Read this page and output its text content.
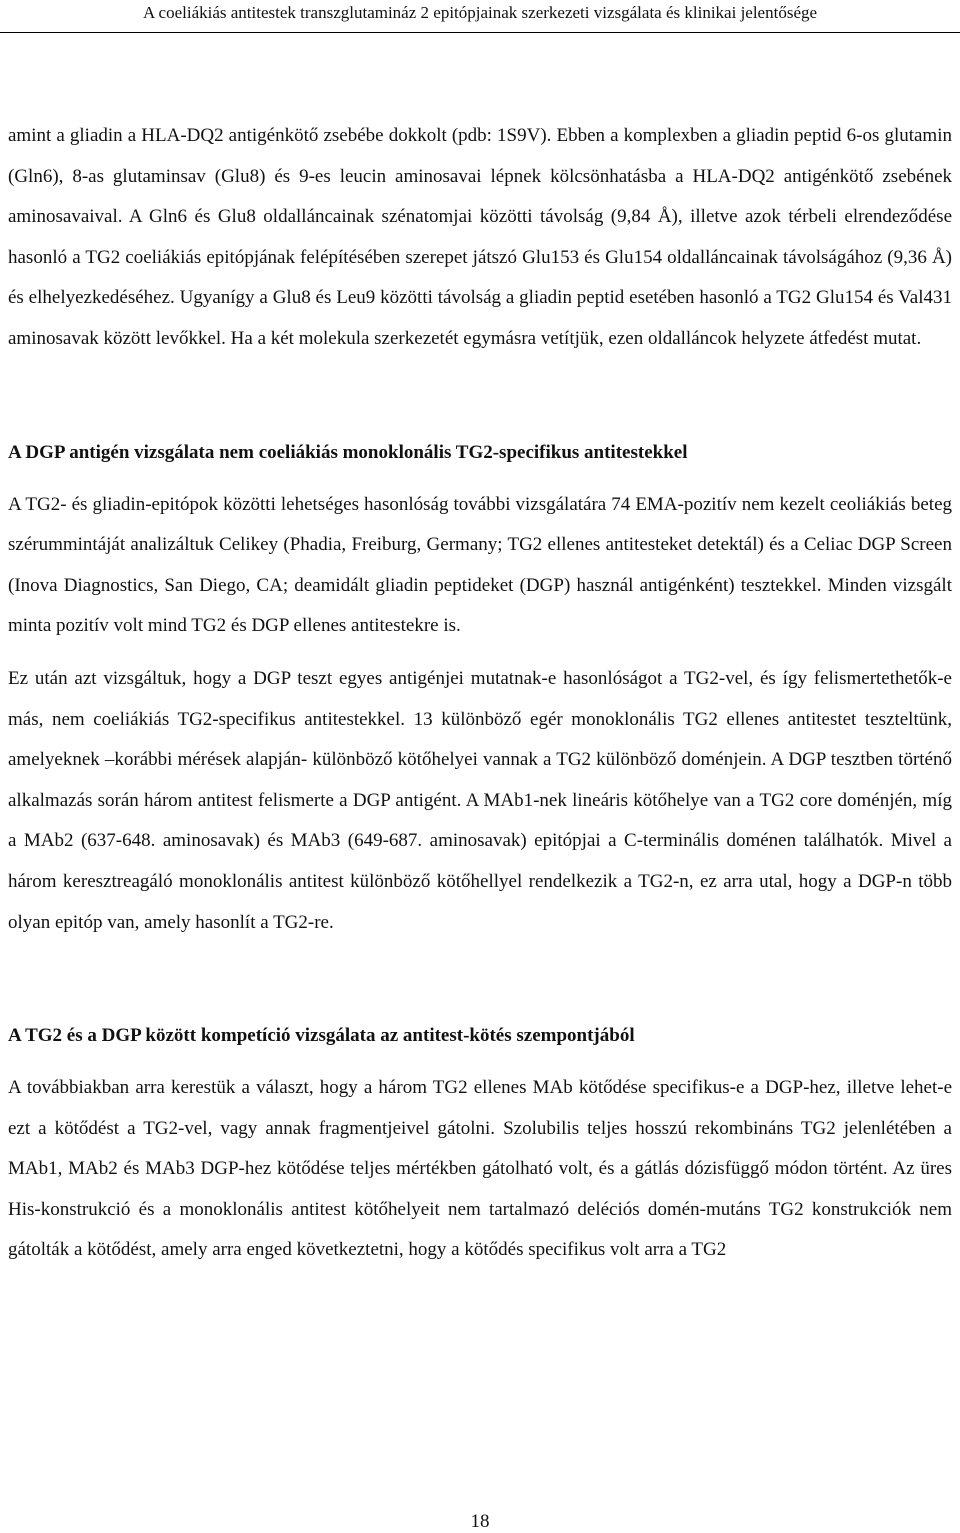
A coeliákiás antitestek transzglutamináz 2 epitópjainak szerkezeti vizsgálata és klinikai jelentősége

amint a gliadin a HLA-DQ2 antigénkötő zsebébe dokkolt (pdb: 1S9V). Ebben a komplexben a gliadin peptid 6-os glutamin (Gln6), 8-as glutaminsav (Glu8) és 9-es leucin aminosavai lépnek kölcsönhatásba a HLA-DQ2 antigénkötő zsebének aminosavaival. A Gln6 és Glu8 oldalláncainak szénatomjai közötti távolság (9,84 Å), illetve azok térbeli elrendeződése hasonló a TG2 coeliákiás epitópjának felépítésében szerepet játszó Glu153 és Glu154 oldalláncainak távolságához (9,36 Å) és elhelyezkedéséhez. Ugyanígy a Glu8 és Leu9 közötti távolság a gliadin peptid esetében hasonló a TG2 Glu154 és Val431 aminosavak között levőkkel. Ha a két molekula szerkezetét egymásra vetítjük, ezen oldalláncok helyzete átfedést mutat.

A DGP antigén vizsgálata nem coeliákiás monoklonális TG2-specifikus antitestekkel

A TG2- és gliadin-epitópok közötti lehetséges hasonlóság további vizsgálatára 74 EMA-pozitív nem kezelt ceoliákiás beteg szérummintáját analizáltuk Celikey (Phadia, Freiburg, Germany; TG2 ellenes antitesteket detektál) és a Celiac DGP Screen (Inova Diagnostics, San Diego, CA; deamidált gliadin peptideket (DGP) használ antigénként) tesztekkel. Minden vizsgált minta pozitív volt mind TG2 és DGP ellenes antitestekre is.

Ez után azt vizsgáltuk, hogy a DGP teszt egyes antigénjei mutatnak-e hasonlóságot a TG2-vel, és így felismertethetők-e más, nem coeliákiás TG2-specifikus antitestekkel. 13 különböző egér monoklonális TG2 ellenes antitestet teszteltünk, amelyeknek –korábbi mérések alapján- különböző kötőhelyei vannak a TG2 különböző doménjein. A DGP tesztben történő alkalmazás során három antitest felismerte a DGP antigént. A MAb1-nek lineáris kötőhelye van a TG2 core doménjén, míg a MAb2 (637-648. aminosavak) és MAb3 (649-687. aminosavak) epitópjai a C-terminális doménen találhatók. Mivel a három keresztreagáló monoklonális antitest különböző kötőhellyel rendelkezik a TG2-n, ez arra utal, hogy a DGP-n több olyan epitóp van, amely hasonlít a TG2-re.

A TG2 és a DGP között kompetíció vizsgálata az antitest-kötés szempontjából

A továbbiakban arra kerestük a választ, hogy a három TG2 ellenes MAb kötődése specifikus-e a DGP-hez, illetve lehet-e ezt a kötődést a TG2-vel, vagy annak fragmentjeivel gátolni. Szolubilis teljes hosszú rekombináns TG2 jelenlétében a MAb1, MAb2 és MAb3 DGP-hez kötődése teljes mértékben gátolható volt, és a gátlás dózisfüggő módon történt. Az üres His-konstrukció és a monoklonális antitest kötőhelyeit nem tartalmazó deléciós domén-mutáns TG2 konstrukciók nem gátolták a kötődést, amely arra enged következtetni, hogy a kötődés specifikus volt arra a TG2

18
